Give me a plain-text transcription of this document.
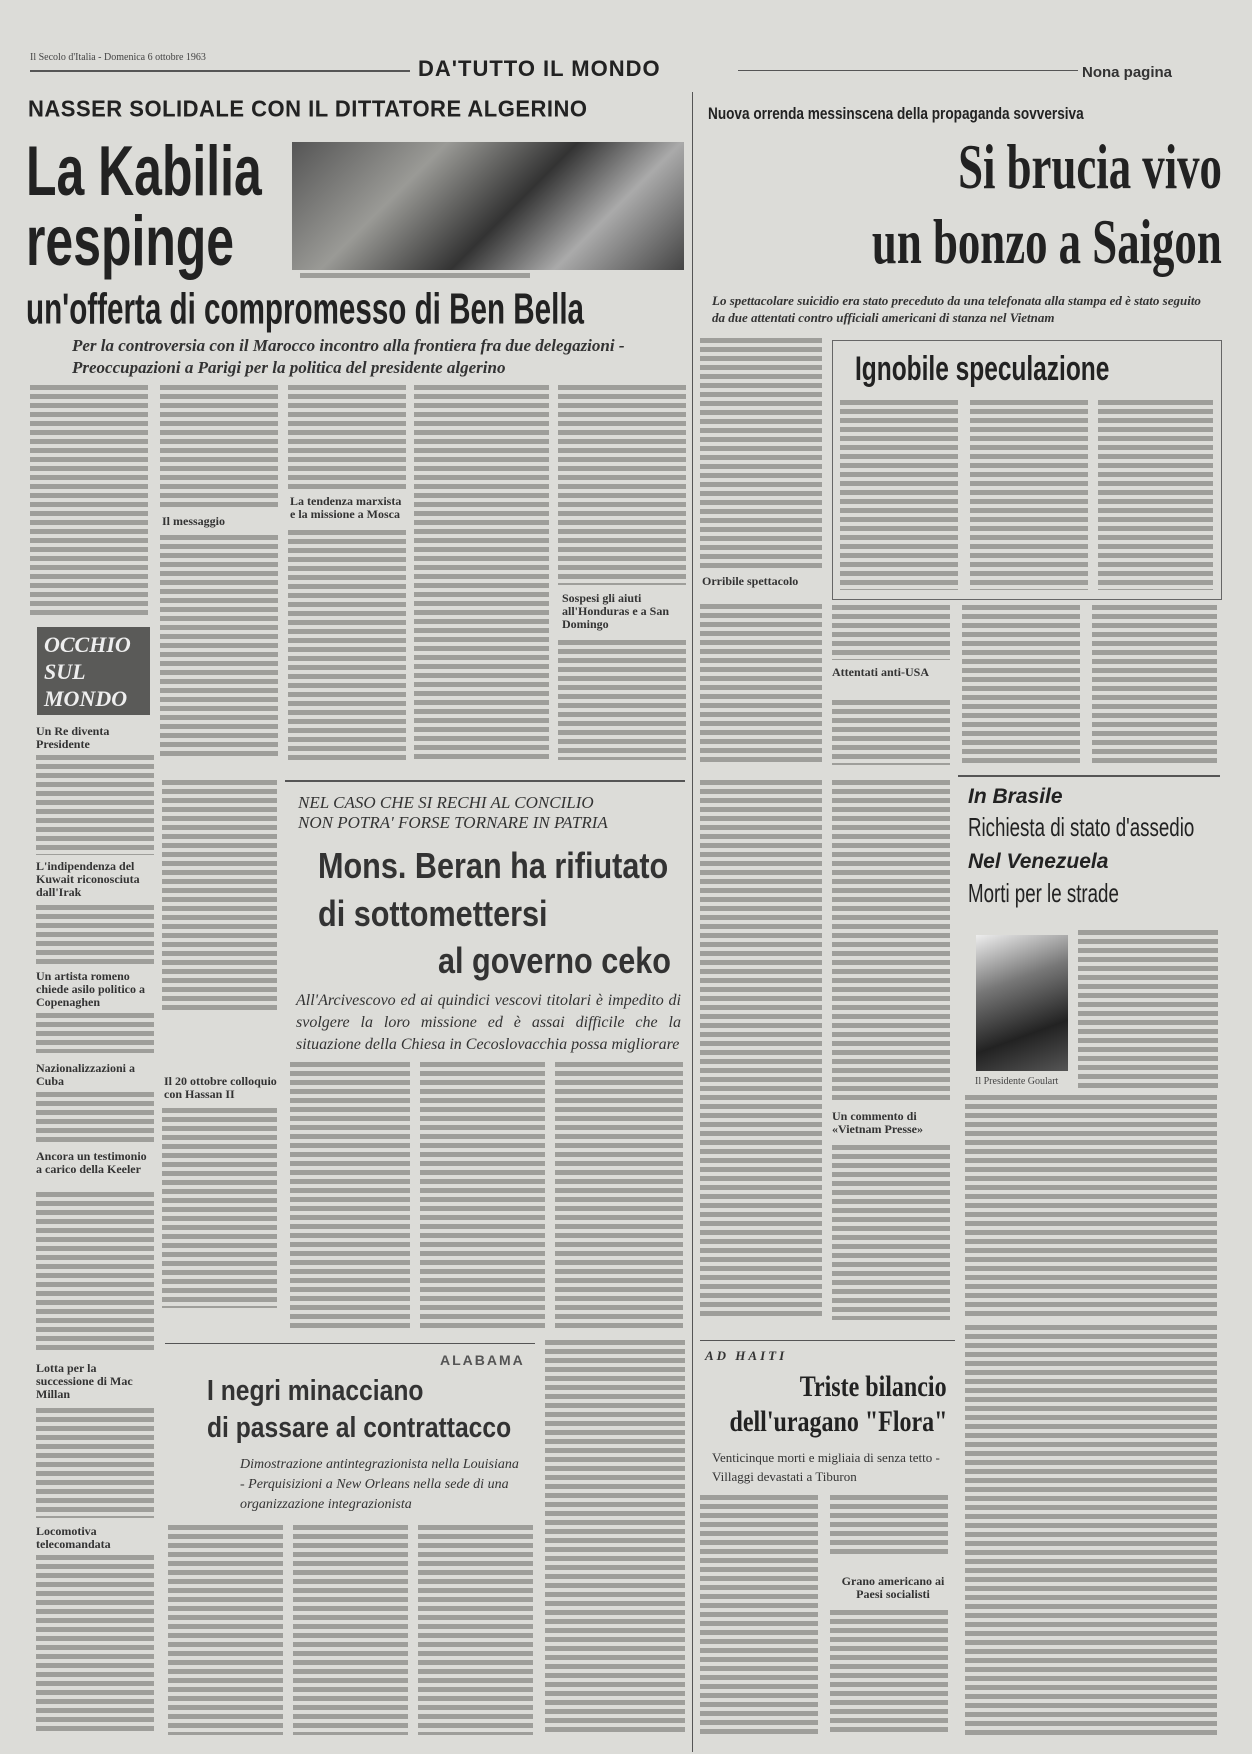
Il Secolo d'Italia - Domenica 6 ottobre 1963	DA'TUTTO IL MONDO	Nona pagina
NASSER SOLIDALE CON IL DITTATORE ALGERINO
La Kabilia
respinge
un'offerta di compromesso di Ben Bella
Per la controversia con il Marocco incontro alla frontiera fra due delegazioni - Preoccupazioni a Parigi per la politica del presidente algerino
Il messaggio
La tendenza marxista e la missione a Mosca
Sospesi gli aiuti all'Honduras e a San Domingo
Nuova orrenda messinscena della propaganda sovversiva
Si brucia vivo
un bonzo a Saigon
Lo spettacolare suicidio era stato preceduto da una telefonata alla stampa ed è stato seguito da due attentati contro ufficiali americani di stanza nel Vietnam
Orribile spettacolo
Ignobile speculazione
Attentati anti-USA
OCCHIO
SUL
MONDO
Un Re diventa Presidente
L'indipendenza del Kuwait riconosciuta dall'Irak
Un artista romeno chiede asilo politico a Copenaghen
Nazionalizzazioni a Cuba
Ancora un testimonio a carico della Keeler
Lotta per la successione di Mac Millan
Locomotiva telecomandata
Il 20 ottobre colloquio con Hassan II
NEL CASO CHE SI RECHI AL CONCILIO
NON POTRA' FORSE TORNARE IN PATRIA
Mons. Beran ha rifiutato
di sottomettersi
al governo ceko
All'Arcivescovo ed ai quindici vescovi titolari è impedito di svolgere la loro missione ed è assai difficile che la situazione della Chiesa in Cecoslovacchia possa migliorare
Un commento di «Vietnam Presse»
In Brasile
Richiesta di stato d'assedio
Nel Venezuela
Morti per le strade
Il Presidente Goulart
ALABAMA
I negri minacciano
di passare al contrattacco
Dimostrazione antintegrazionista nella Louisiana - Perquisizioni a New Orleans nella sede di una organizzazione integrazionista
AD HAITI
Triste bilancio
dell'uragano "Flora"
Venticinque morti e migliaia di senza tetto - Villaggi devastati a Tiburon
Grano americano ai Paesi socialisti
